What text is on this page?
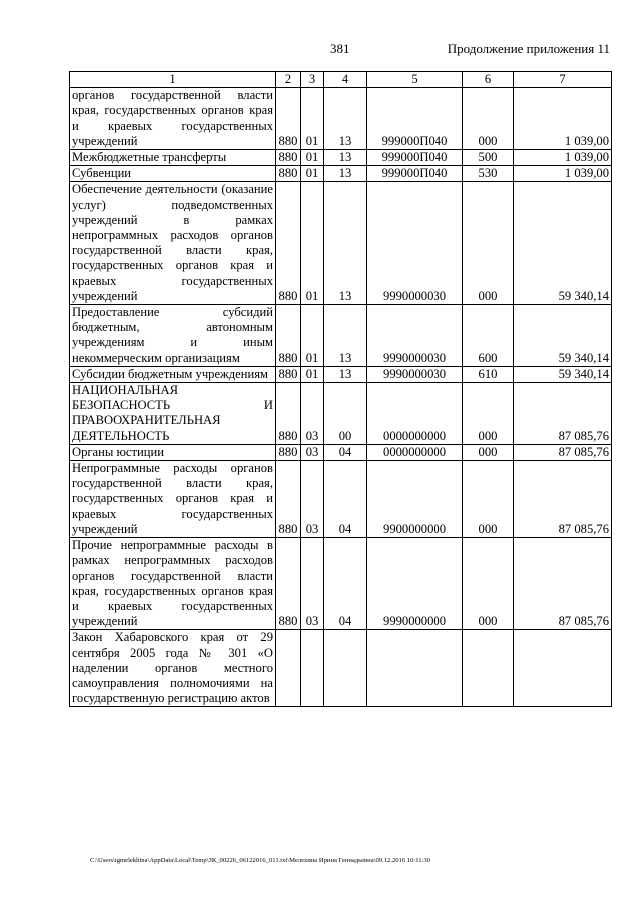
381	Продолжение приложения 11
1	2	3	4	5	6	7
органов государственной власти края, государственных органов края и краевых государственных учреждений	880	01	13	999000П040	000	1 039,00
Межбюджетные трансферты	880	01	13	999000П040	500	1 039,00
Субвенции	880	01	13	999000П040	530	1 039,00
Обеспечение деятельности (оказание услуг) подведомственных учреждений в рамках непрограммных расходов органов государственной власти края, государственных органов края и краевых государственных учреждений	880	01	13	9990000030	000	59 340,14
Предоставление субсидий бюджетным, автономным учреждениям и иным некоммерческим организациям	880	01	13	9990000030	600	59 340,14
Субсидии бюджетным учреждениям	880	01	13	9990000030	610	59 340,14
НАЦИОНАЛЬНАЯ БЕЗОПАСНОСТЬ И ПРАВООХРАНИТЕЛЬНАЯ ДЕЯТЕЛЬНОСТЬ	880	03	00	0000000000	000	87 085,76
Органы юстиции	880	03	04	0000000000	000	87 085,76
Непрограммные расходы органов государственной власти края, государственных органов края и краевых государственных учреждений	880	03	04	9900000000	000	87 085,76
Прочие непрограммные расходы в рамках непрограммных расходов органов государственной власти края, государственных органов края и краевых государственных учреждений	880	03	04	9990000000	000	87 085,76
Закон Хабаровского края от 29 сентября 2005 года № 301 «О наделении органов местного самоуправления полномочиями на государственную регистрацию актов						
C:\Users\igmelekhina\AppData\Local\Temp\ЗК_00226_06122016_011.txt\Мелехина Ирина Геннадьевна\09.12.2016 10:11:30
